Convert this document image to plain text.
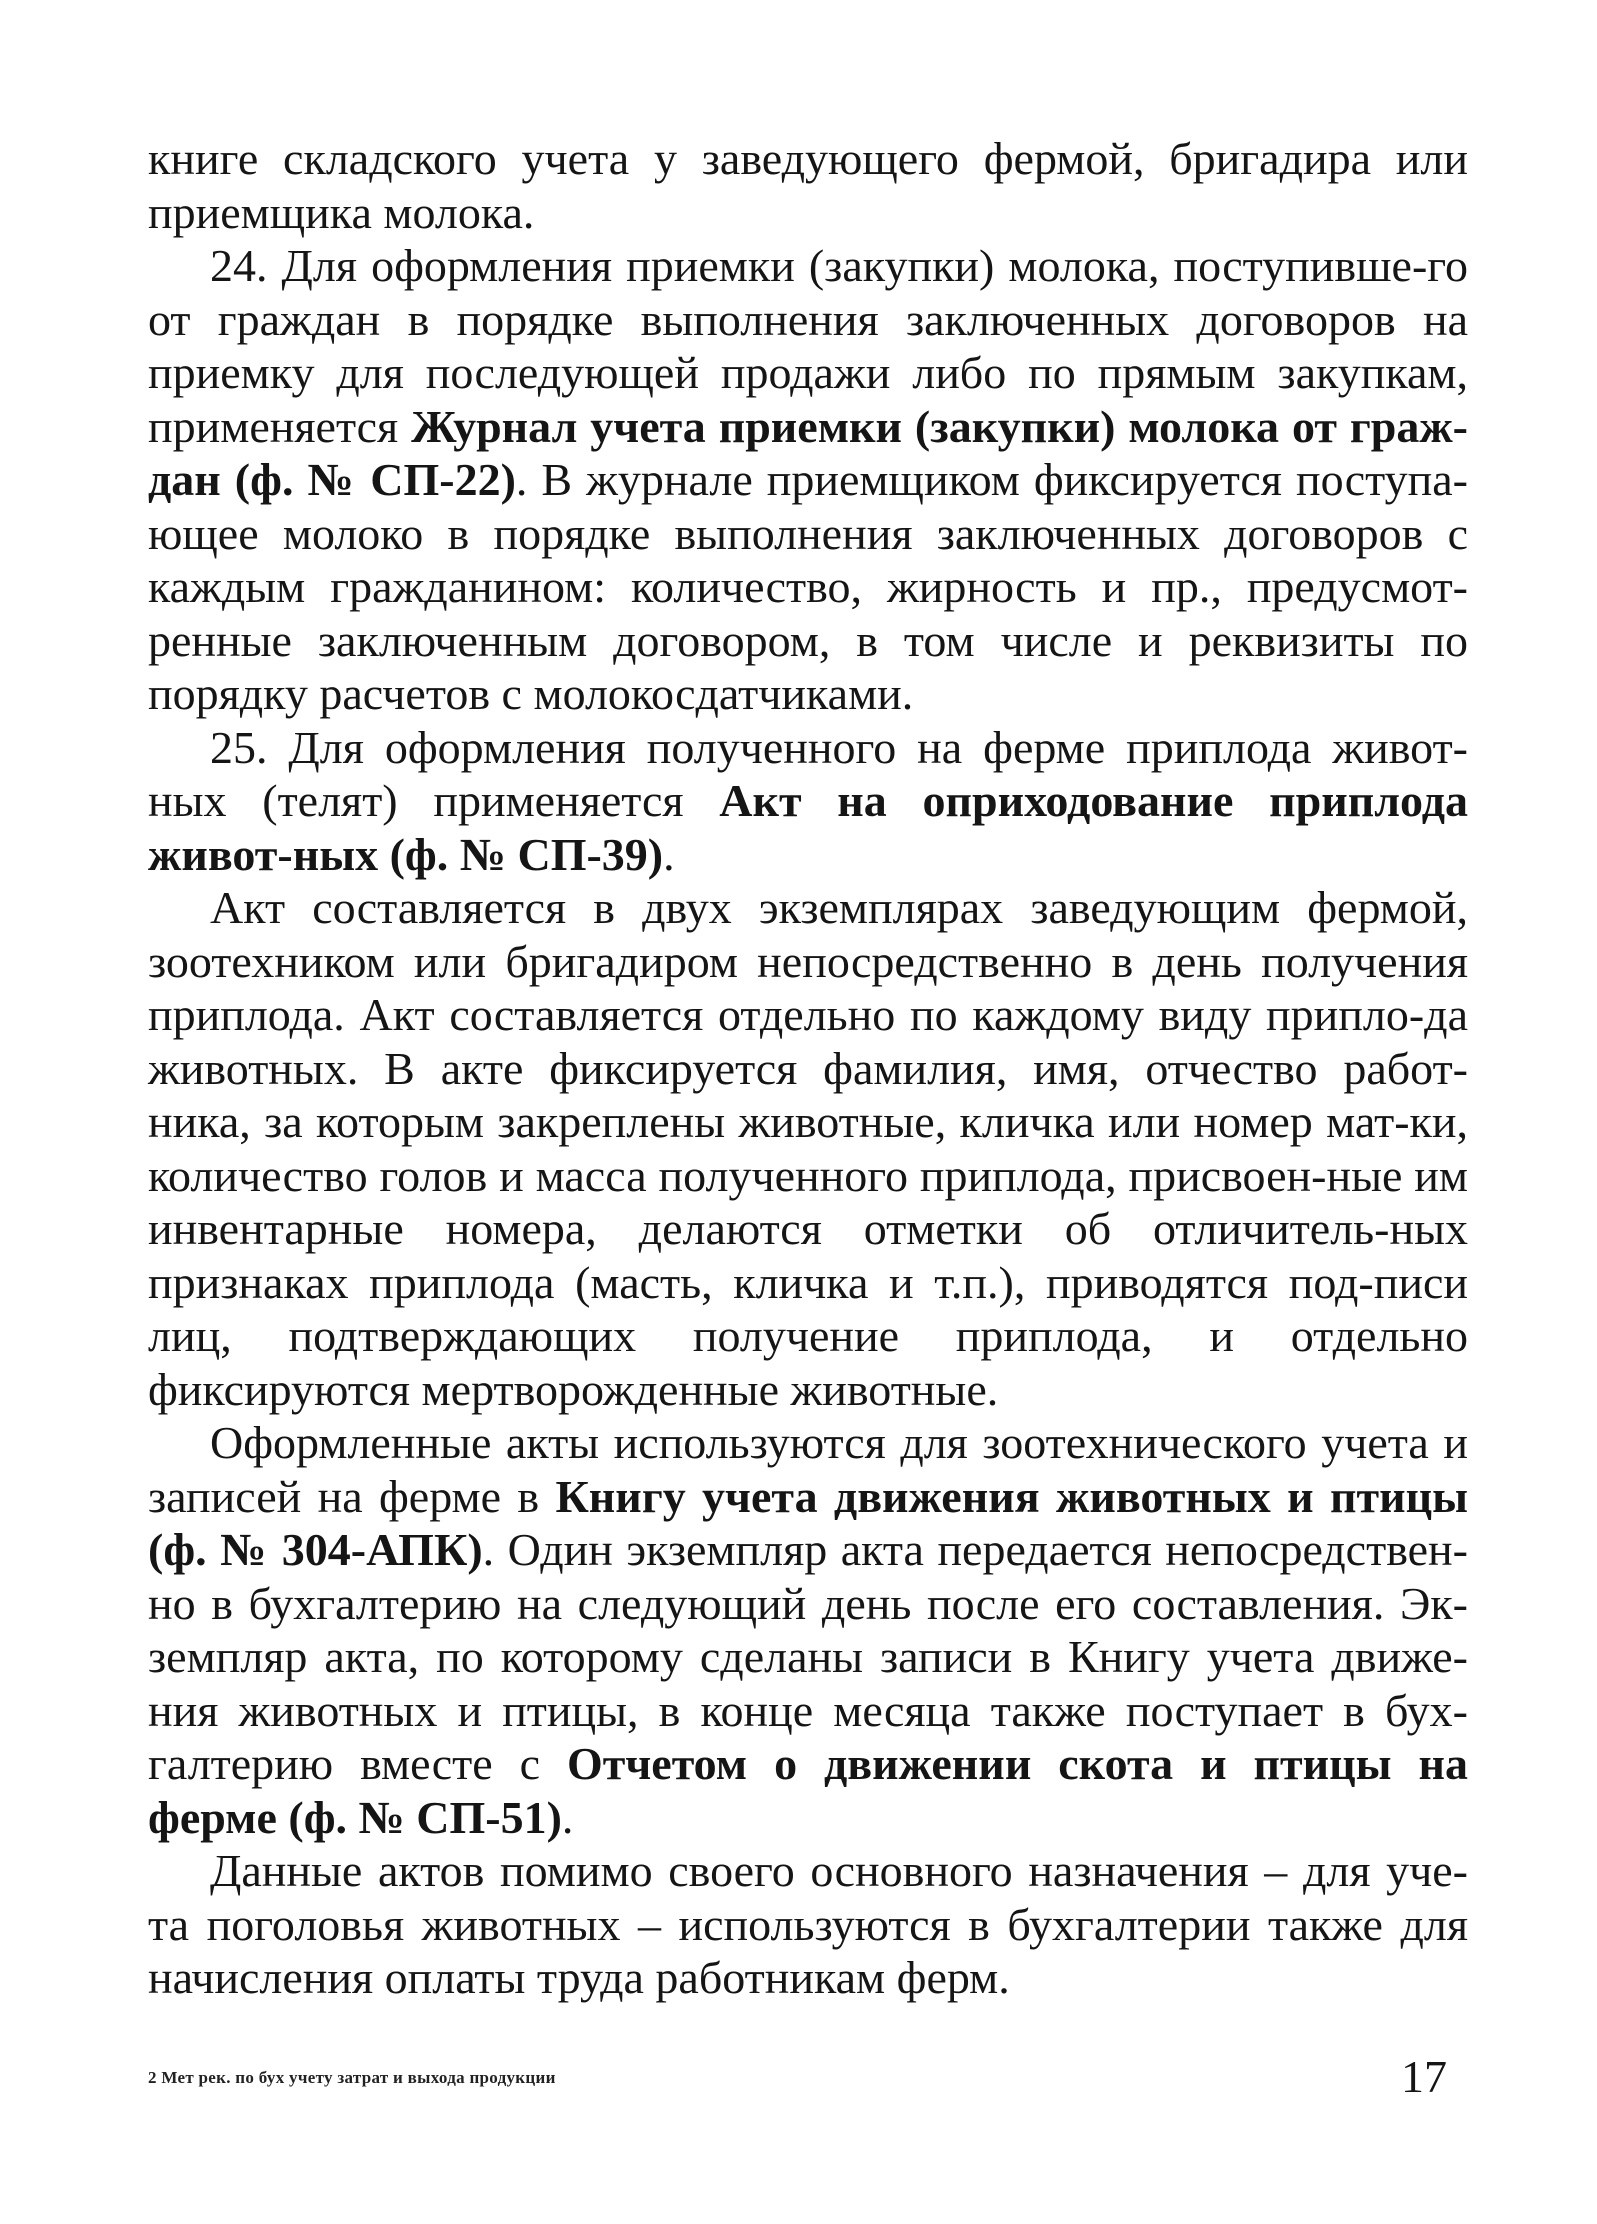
книге складского учета у заведующего фермой, бригадира или приемщика молока.

24. Для оформления приемки (закупки) молока, поступивше-го от граждан в порядке выполнения заключенных договоров на приемку для последующей продажи либо по прямым закупкам, применяется Журнал учета приемки (закупки) молока от граж-дан (ф. № СП-22). В журнале приемщиком фиксируется поступа-ющее молоко в порядке выполнения заключенных договоров с каждым гражданином: количество, жирность и пр., предусмот-ренные заключенным договором, в том числе и реквизиты по порядку расчетов с молокосдатчиками.

25. Для оформления полученного на ферме приплода живот-ных (телят) применяется Акт на оприходование приплода живот-ных (ф. № СП-39).

Акт составляется в двух экземплярах заведующим фермой, зоотехником или бригадиром непосредственно в день получения приплода. Акт составляется отдельно по каждому виду припло-да животных. В акте фиксируется фамилия, имя, отчество работ-ника, за которым закреплены животные, кличка или номер мат-ки, количество голов и масса полученного приплода, присвоен-ные им инвентарные номера, делаются отметки об отличитель-ных признаках приплода (масть, кличка и т.п.), приводятся под-писи лиц, подтверждающих получение приплода, и отдельно фиксируются мертворожденные животные.

Оформленные акты используются для зоотехнического учета и записей на ферме в Книгу учета движения животных и птицы (ф. № 304-АПК). Один экземпляр акта передается непосредствен-но в бухгалтерию на следующий день после его составления. Эк-земпляр акта, по которому сделаны записи в Книгу учета движе-ния животных и птицы, в конце месяца также поступает в бух-галтерию вместе с Отчетом о движении скота и птицы на ферме (ф. № СП-51).

Данные актов помимо своего основного назначения – для уче-та поголовья животных – используются в бухгалтерии также для начисления оплаты труда работникам ферм.

2 Мет рек. по бух учету затрат и выхода продукции	17
